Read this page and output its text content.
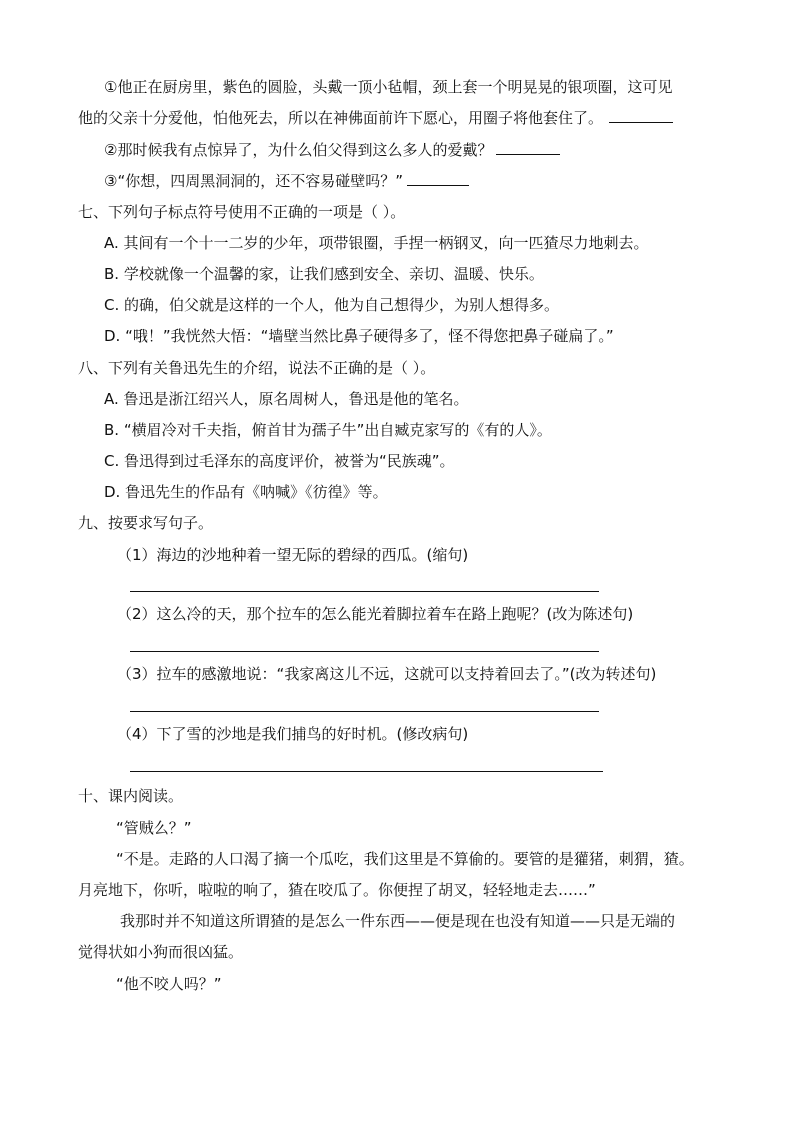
①他正在厨房里，紫色的圆脸，头戴一顶小毡帽，颈上套一个明晃晃的银项圈，这可见
他的父亲十分爱他，怕他死去，所以在神佛面前许下愿心，用圈子将他套住了。
②那时候我有点惊异了，为什么伯父得到这么多人的爱戴？
③“你想，四周黑洞洞的，还不容易碰壁吗？”
七、下列句子标点符号使用不正确的一项是（ ）。
A. 其间有一个十一二岁的少年，项带银圈，手捏一柄钢叉，向一匹猹尽力地刺去。
B. 学校就像一个温馨的家，让我们感到安全、亲切、温暖、快乐。
C. 的确，伯父就是这样的一个人，他为自己想得少，为别人想得多。
D. “哦！”我恍然大悟：“墙壁当然比鼻子硬得多了，怪不得您把鼻子碰扁了。”
八、下列有关鲁迅先生的介绍，说法不正确的是（ ）。
A. 鲁迅是浙江绍兴人，原名周树人，鲁迅是他的笔名。
B. “横眉冷对千夫指，俯首甘为孺子牛”出自臧克家写的《有的人》。
C. 鲁迅得到过毛泽东的高度评价，被誉为“民族魂”。
D. 鲁迅先生的作品有《呐喊》《彷徨》等。
九、按要求写句子。
（1）海边的沙地种着一望无际的碧绿的西瓜。(缩句)
（2）这么冷的天，那个拉车的怎么能光着脚拉着车在路上跑呢？(改为陈述句)
（3）拉车的感激地说：“我家离这儿不远，这就可以支持着回去了。”(改为转述句)
（4）下了雪的沙地是我们捕鸟的好时机。(修改病句)
十、课内阅读。
“管贼么？”
“不是。走路的人口渴了摘一个瓜吃，我们这里是不算偷的。要管的是獾猪，刺猬，猹。
月亮地下，你听，啦啦的响了，猹在咬瓜了。你便捏了胡叉，轻轻地走去……”
我那时并不知道这所谓猹的是怎么一件东西——便是现在也没有知道——只是无端的
觉得状如小狗而很凶猛。
“他不咬人吗？”
